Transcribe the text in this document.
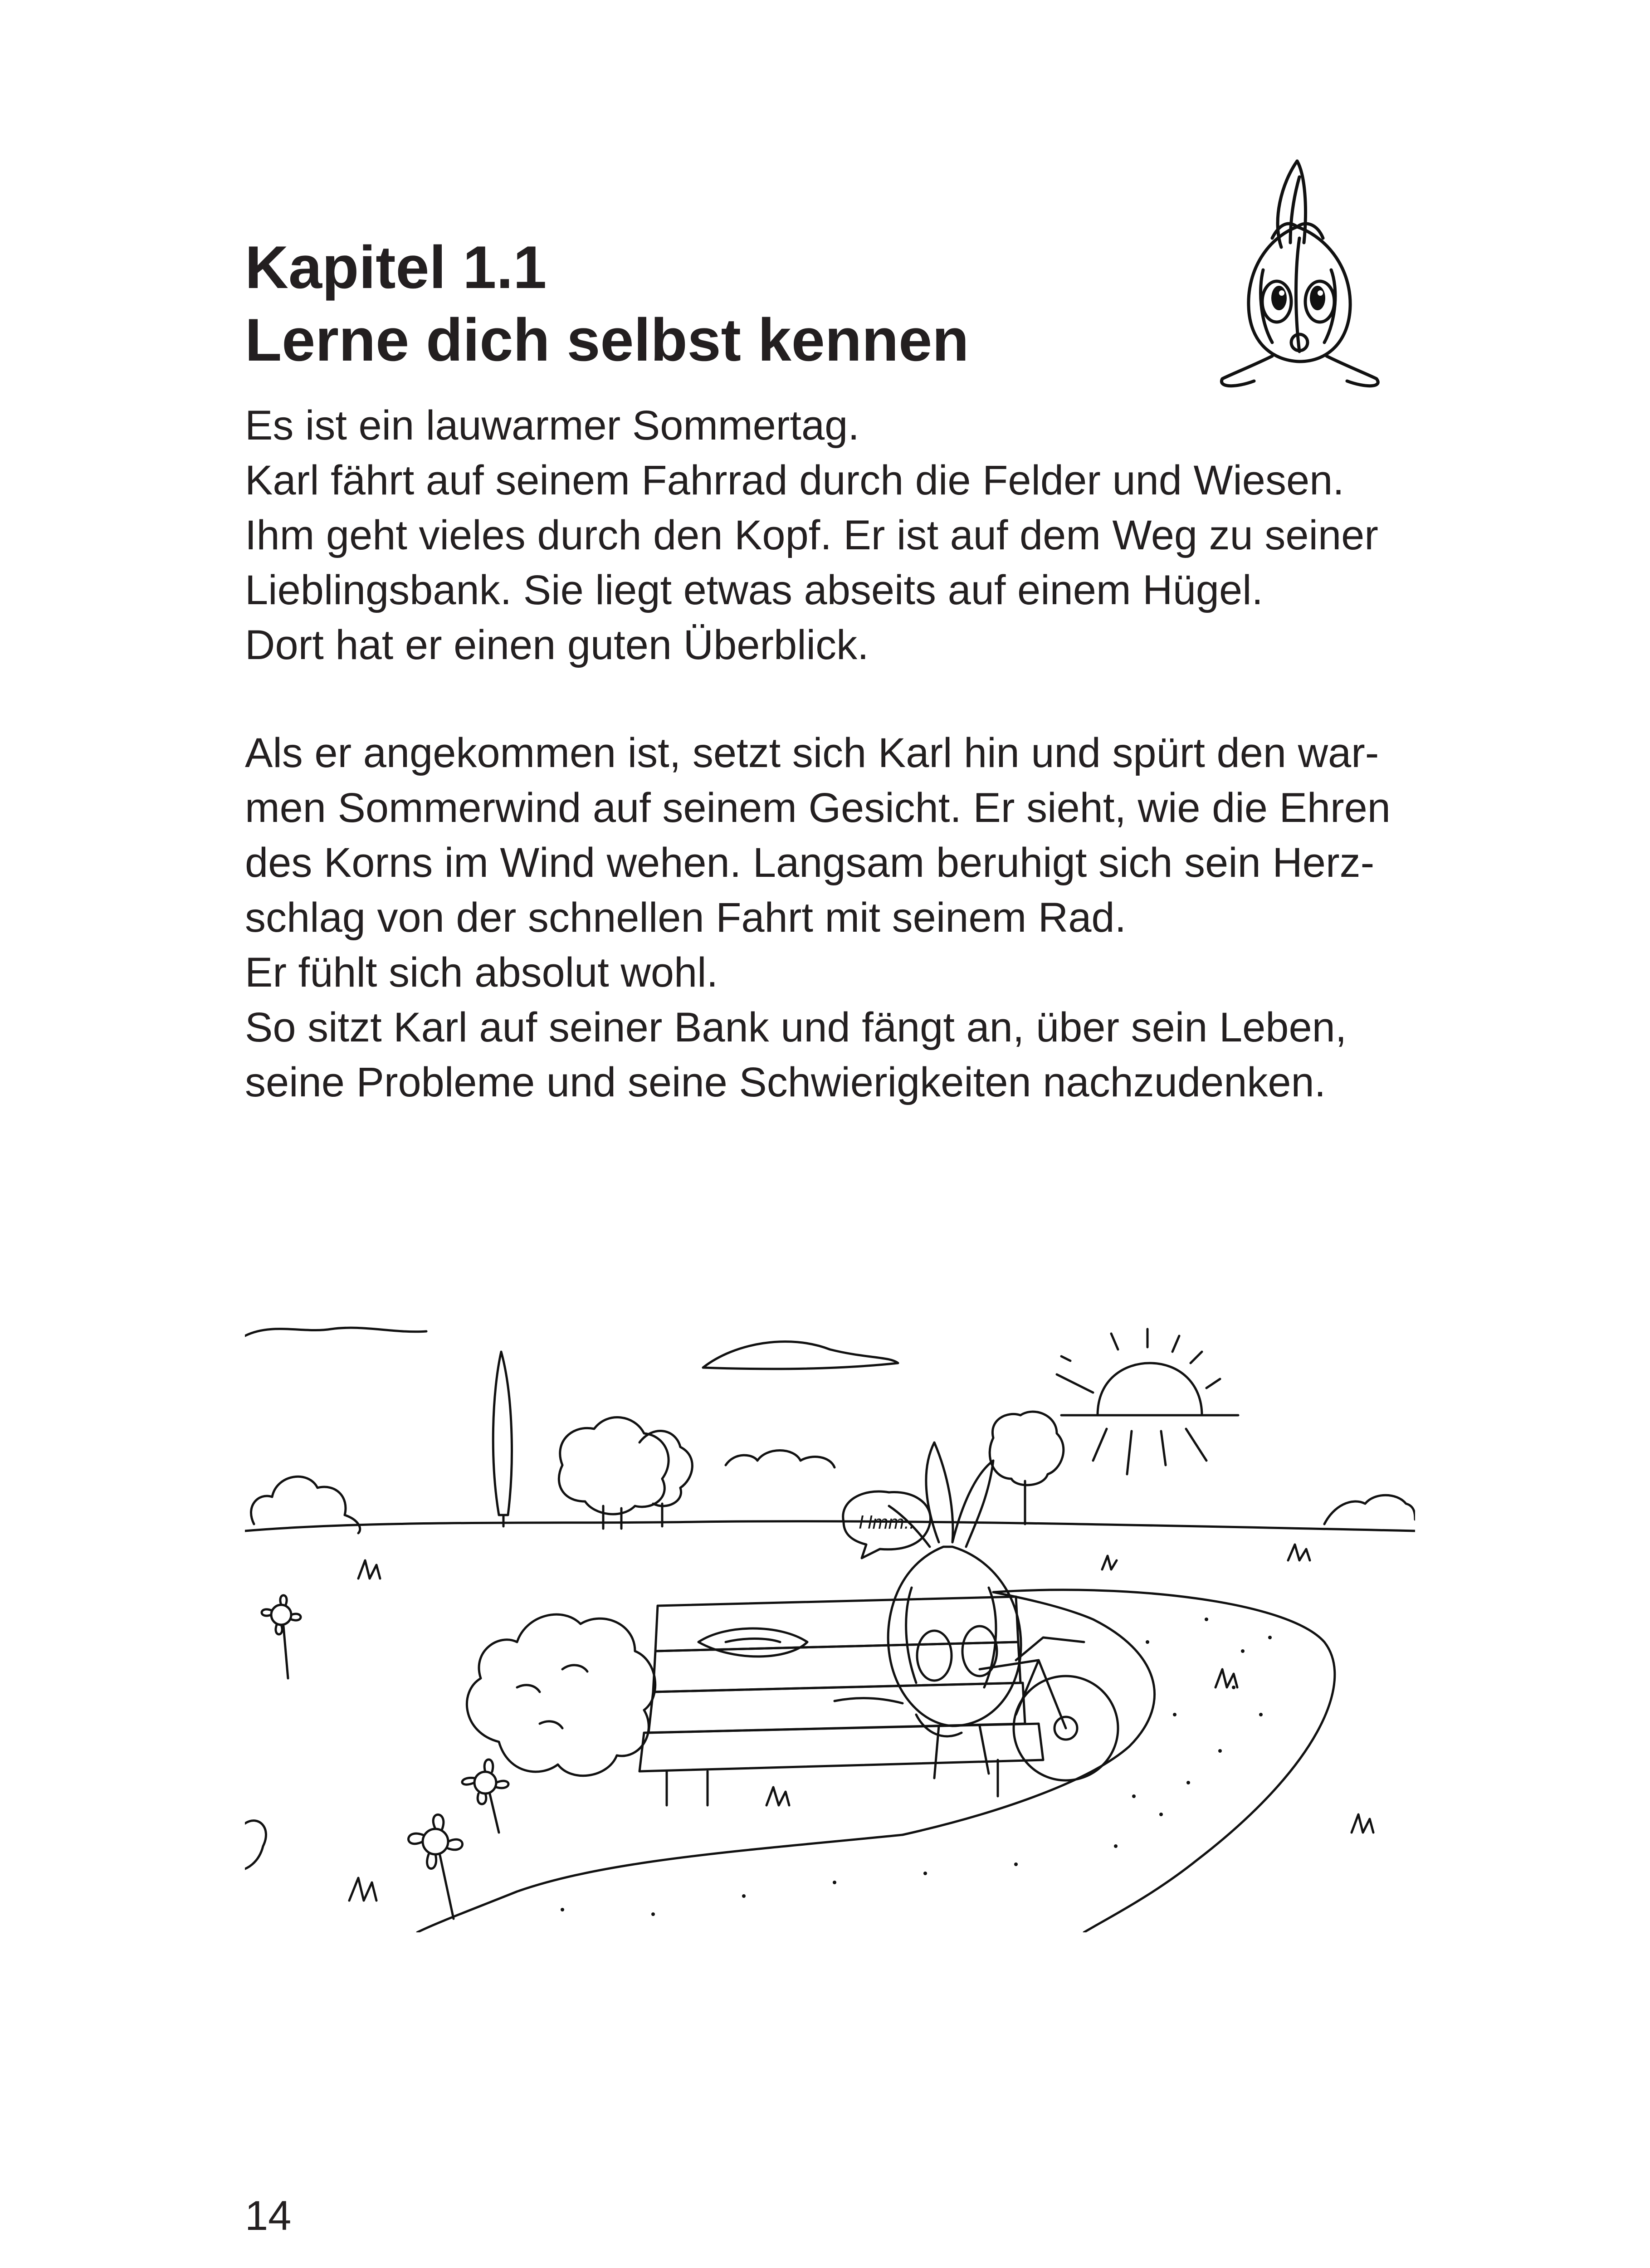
Kapitel 1.1
Lerne dich selbst kennen

Es ist ein lauwarmer Sommertag.
Karl fährt auf seinem Fahrrad durch die Felder und Wiesen.
Ihm geht vieles durch den Kopf. Er ist auf dem Weg zu seiner
Lieblingsbank. Sie liegt etwas abseits auf einem Hügel.
Dort hat er einen guten Überblick.

Als er angekommen ist, setzt sich Karl hin und spürt den war-
men Sommerwind auf seinem Gesicht. Er sieht, wie die Ehren
des Korns im Wind wehen. Langsam beruhigt sich sein Herz-
schlag von der schnellen Fahrt mit seinem Rad.
Er fühlt sich absolut wohl.
So sitzt Karl auf seiner Bank und fängt an, über sein Leben,
seine Probleme und seine Schwierigkeiten nachzudenken.

Hmm..

14
